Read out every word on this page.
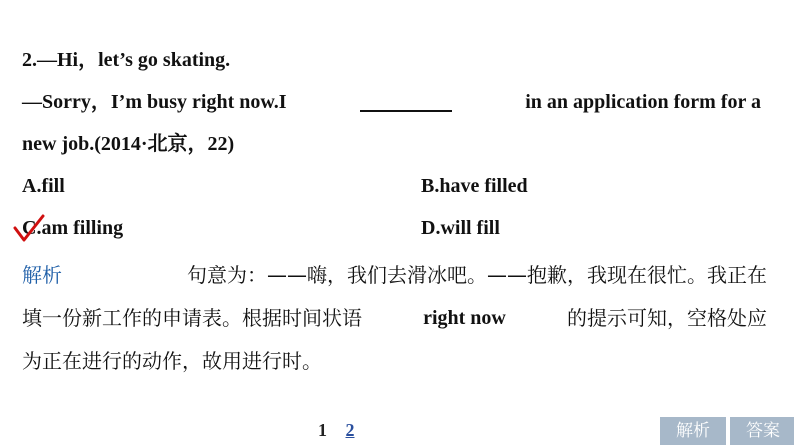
2.—Hi，let’s go skating.
—Sorry，I’m busy right now.I	in an application form for a
new job.(2014·北京，22)
A.fill	B.have filled
C.am filling	D.will fill
解析	句意为：——嗨，我们去滑冰吧。——抱歉，我现在很忙。我正在
填一份新工作的申请表。根据时间状语	right now	的提示可知，空格处应
为正在进行的动作，故用进行时。
1 2	解析	答案
